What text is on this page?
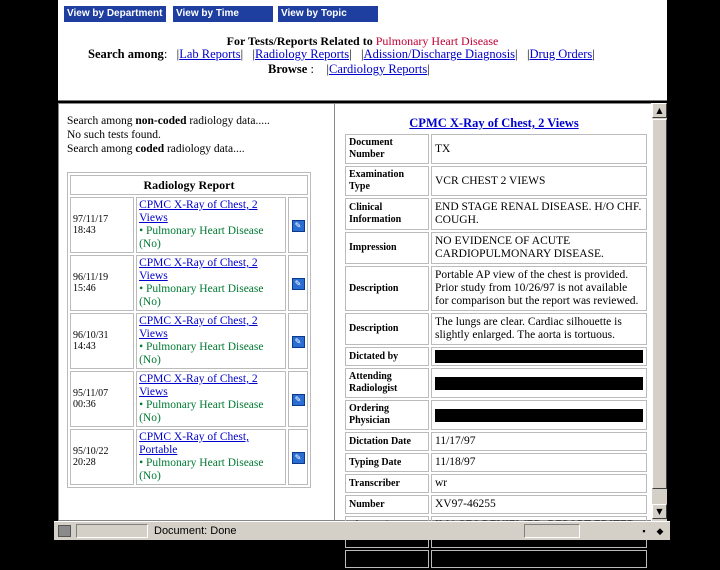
View by Department	View by Time	View by Topic
For Tests/Reports Related to Pulmonary Heart Disease
Search among: |Lab Reports| |Radiology Reports| |Adission/Discharge Diagnosis| |Drug Orders|
Browse : |Cardiology Reports|
Search among non-coded radiology data.....
No such tests found.
Search among coded radiology data....
Radiology Report		
97/11/17 18:43	CPMC X-Ray of Chest, 2 Views
• Pulmonary Heart Disease
(No)	✎
96/11/19 15:46	CPMC X-Ray of Chest, 2 Views
• Pulmonary Heart Disease
(No)	✎
96/10/31 14:43	CPMC X-Ray of Chest, 2 Views
• Pulmonary Heart Disease
(No)	✎
95/11/07 00:36	CPMC X-Ray of Chest, 2 Views
• Pulmonary Heart Disease
(No)	✎
95/10/22 20:28	CPMC X-Ray of Chest, Portable
• Pulmonary Heart Disease
(No)	✎
CPMC X-Ray of Chest, 2 Views
Document Number	TX
Examination Type	VCR CHEST 2 VIEWS
Clinical Information	END STAGE RENAL DISEASE. H/O CHF. COUGH.
Impression	NO EVIDENCE OF ACUTE CARDIOPULMONARY DISEASE.
Description	Portable AP view of the chest is provided. Prior study from 10/26/97 is not available for comparison but the report was reviewed.
Description	The lungs are clear. Cardiac silhouette is slightly enlarged. The aorta is tortuous.
Dictated by	

Attending Radiologist	

Ordering Physician	

Dictation Date	11/17/97
Typing Date	11/18/97
Transcriber	wr
Number	XV97-46255

Electronic	
▲
▼
Document: Done	▪	◆
